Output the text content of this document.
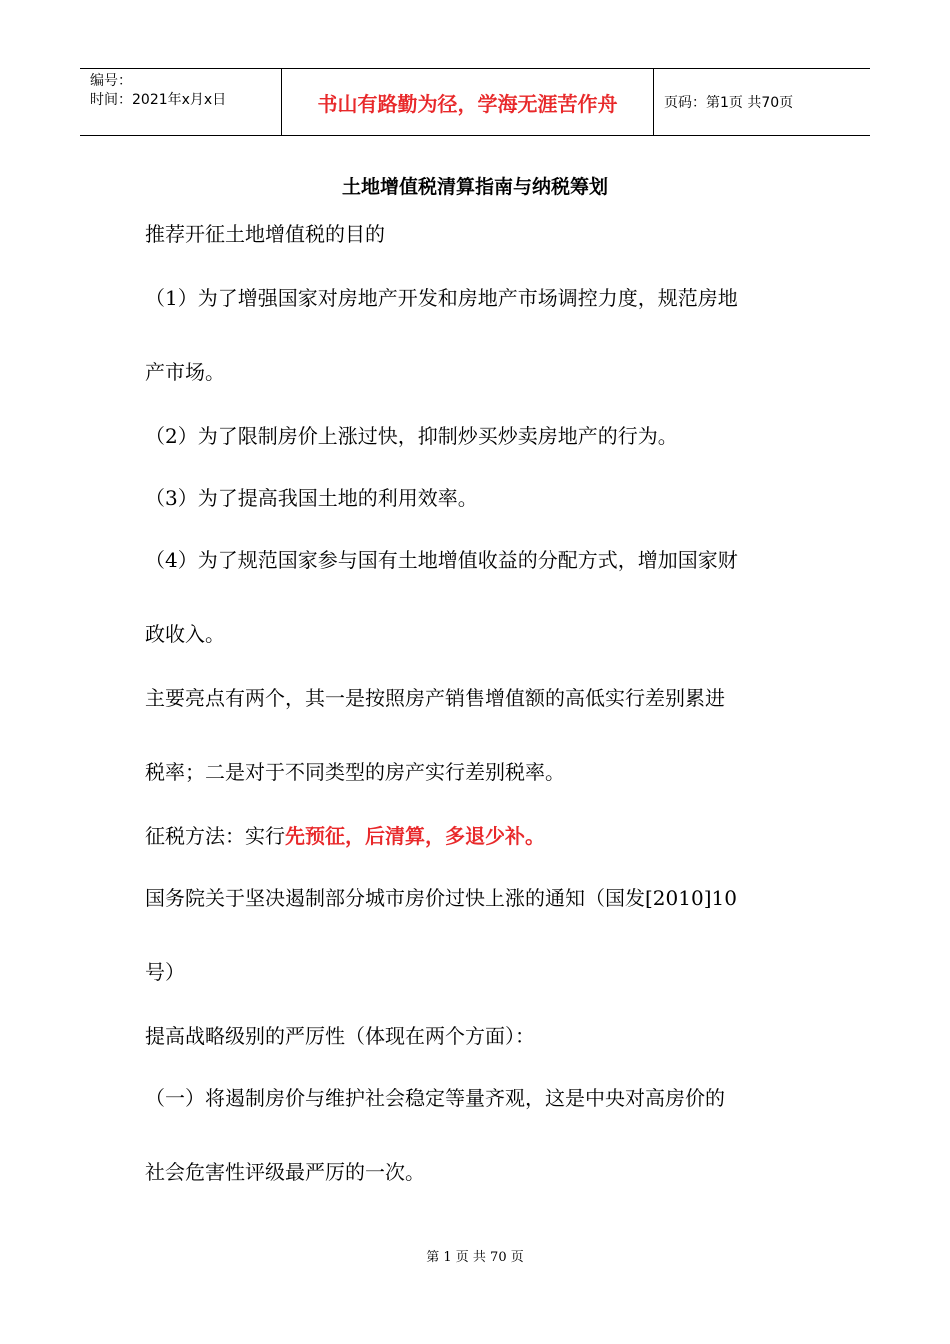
编号：
时间：2021年x月x日	书山有路勤为径，学海无涯苦作舟	页码：第1页 共70页
土地增值税清算指南与纳税筹划
推荐开征土地增值税的目的
（1）为了增强国家对房地产开发和房地产市场调控力度，规范房地
产市场。
（2）为了限制房价上涨过快，抑制炒买炒卖房地产的行为。
（3）为了提高我国土地的利用效率。
（4）为了规范国家参与国有土地增值收益的分配方式，增加国家财
政收入。
主要亮点有两个，其一是按照房产销售增值额的高低实行差别累进
税率；二是对于不同类型的房产实行差别税率。
征税方法：实行先预征，后清算，多退少补。
国务院关于坚决遏制部分城市房价过快上涨的通知（国发[2010]10
号）
提高战略级别的严厉性（体现在两个方面）：
（一）将遏制房价与维护社会稳定等量齐观，这是中央对高房价的
社会危害性评级最严厉的一次。
第 1 页 共 70 页
